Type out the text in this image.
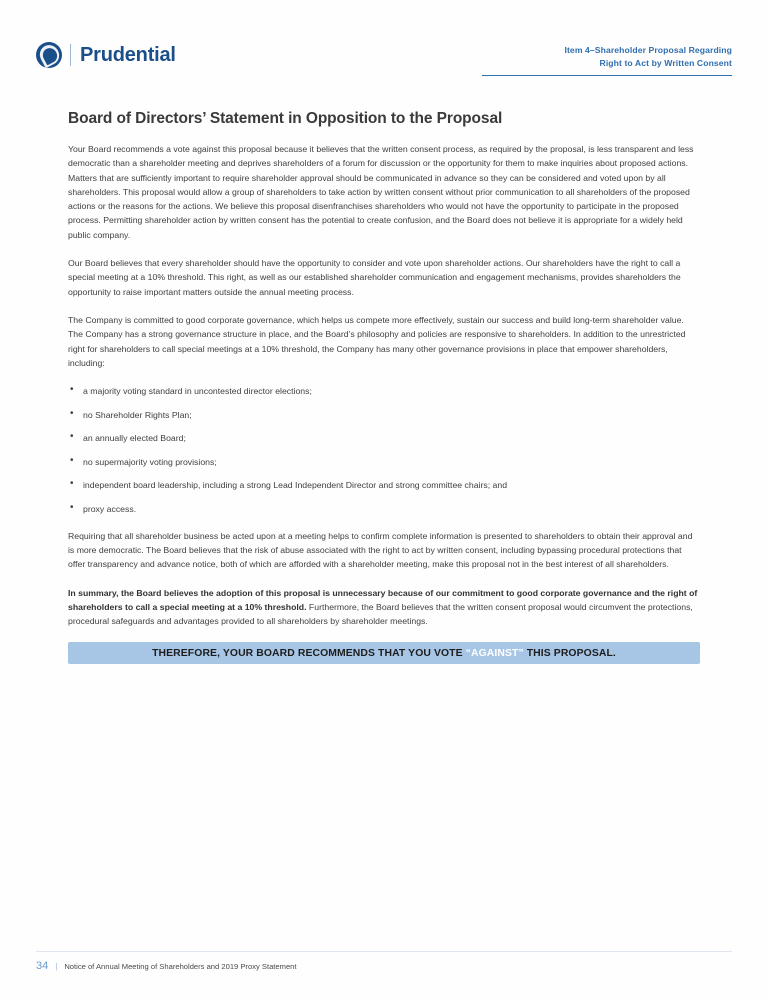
Prudential	Item 4–Shareholder Proposal Regarding
Right to Act by Written Consent
Board of Directors’ Statement in Opposition to the Proposal

Your Board recommends a vote against this proposal because it believes that the written consent process, as required by the proposal, is less transparent and less democratic than a shareholder meeting and deprives shareholders of a forum for discussion or the opportunity for them to make inquiries about proposed actions. Matters that are sufficiently important to require shareholder approval should be communicated in advance so they can be considered and voted upon by all shareholders. This proposal would allow a group of shareholders to take action by written consent without prior communication to all shareholders of the proposed actions or the reasons for the actions. We believe this proposal disenfranchises shareholders who would not have the opportunity to participate in the proposed process. Permitting shareholder action by written consent has the potential to create confusion, and the Board does not believe it is appropriate for a widely held public company.

Our Board believes that every shareholder should have the opportunity to consider and vote upon shareholder actions. Our shareholders have the right to call a special meeting at a 10% threshold. This right, as well as our established shareholder communication and engagement mechanisms, provides shareholders the opportunity to raise important matters outside the annual meeting process.

The Company is committed to good corporate governance, which helps us compete more effectively, sustain our success and build long-term shareholder value. The Company has a strong governance structure in place, and the Board’s philosophy and policies are responsive to shareholders. In addition to the unrestricted right for shareholders to call special meetings at a 10% threshold, the Company has many other governance provisions in place that empower shareholders, including:

• a majority voting standard in uncontested director elections;
• no Shareholder Rights Plan;
• an annually elected Board;
• no supermajority voting provisions;
• independent board leadership, including a strong Lead Independent Director and strong committee chairs; and
• proxy access.

Requiring that all shareholder business be acted upon at a meeting helps to confirm complete information is presented to shareholders to obtain their approval and is more democratic. The Board believes that the risk of abuse associated with the right to act by written consent, including bypassing procedural protections that offer transparency and advance notice, both of which are afforded with a shareholder meeting, make this proposal not in the best interest of all shareholders.

In summary, the Board believes the adoption of this proposal is unnecessary because of our commitment to good corporate governance and the right of shareholders to call a special meeting at a 10% threshold. Furthermore, the Board believes that the written consent proposal would circumvent the protections, procedural safeguards and advantages provided to all shareholders by shareholder meetings.

THEREFORE, YOUR BOARD RECOMMENDS THAT YOU VOTE “AGAINST” THIS PROPOSAL.
34 | Notice of Annual Meeting of Shareholders and 2019 Proxy Statement
